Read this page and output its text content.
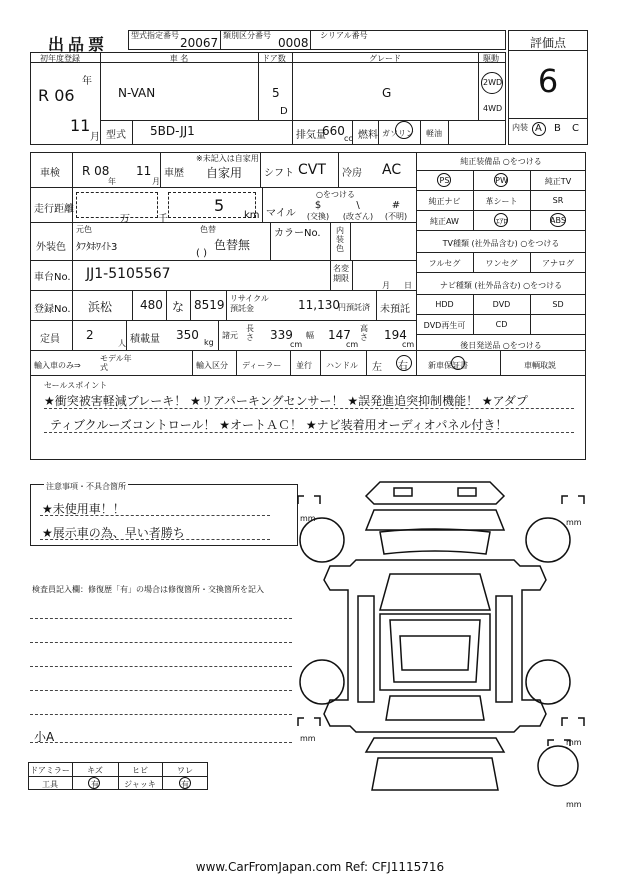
出品票	型式指定番号
20067
類別区分番号
0008
シリアル番号
評価点
6
内装 A B C
初年度登録
年
R 06
11
月
車 名
N-VAN
ドア数
5
D
グレード
G
駆動
2WD
4WD
型式 5BD-JJ1	排気量
660
cc 燃料 ガソリン 軽油
車検 R 08 11
年	月
車歴
※未記入は自家用
自家用 シフト CVT 冷房 AC
走行距離
万	千
5
km
○をつける
マイル
$
(交換)
\
(改ざん)
#
(不明)
外装色
元色
ﾀﾌﾀﾎﾜｲﾄ3
色替
色替無
( )
カラーNo. 内装色
車台No. JJ1-5105567	名変期限
月 日
登録No. 浜松 480 な 8519 リサイクル預託金	11,130
円預託済 未預託
定員 2
人 積載量 350
kg
諸元
長さ 339
cm
幅 147
cm
高さ 194
cm
輸入車のみ⇒
モデル年式	輸入区分 ディーラー 並行 ハンドル 左 右	新車保証書	車輌取説
純正装備品 ○をつける
PS	PW	純正TV
純正ナビ	革シート	SR
純正AW	ｴｱﾛ	ABS
TV種類 (社外品含む) ○をつける
フルセグ	ワンセグ	アナログ
ナビ種類 (社外品含む) ○をつける
HDD	DVD	SD
DVD再生可	CD
後日発送品 ○をつける
セールスポイント
★衝突被害軽減ブレーキ！ ★リアパーキングセンサー！ ★誤発進追突抑制機能！ ★アダプ
ティブクルーズコントロール！ ★オートＡＣ！ ★ナビ装着用オーディオパネル付き！
注意事項・不具合箇所
★未使用車！！
★展示車の為、早い者勝ち
検査員記入欄：修復歴「有」の場合は修復箇所・交換箇所を記入
小A
ドアミラー	キズ	ヒビ	ワレ
工具	有	ジャッキ	有
mm	mm
mm	mm
mm
www.CarFromJapan.com Ref: CFJ1115716
